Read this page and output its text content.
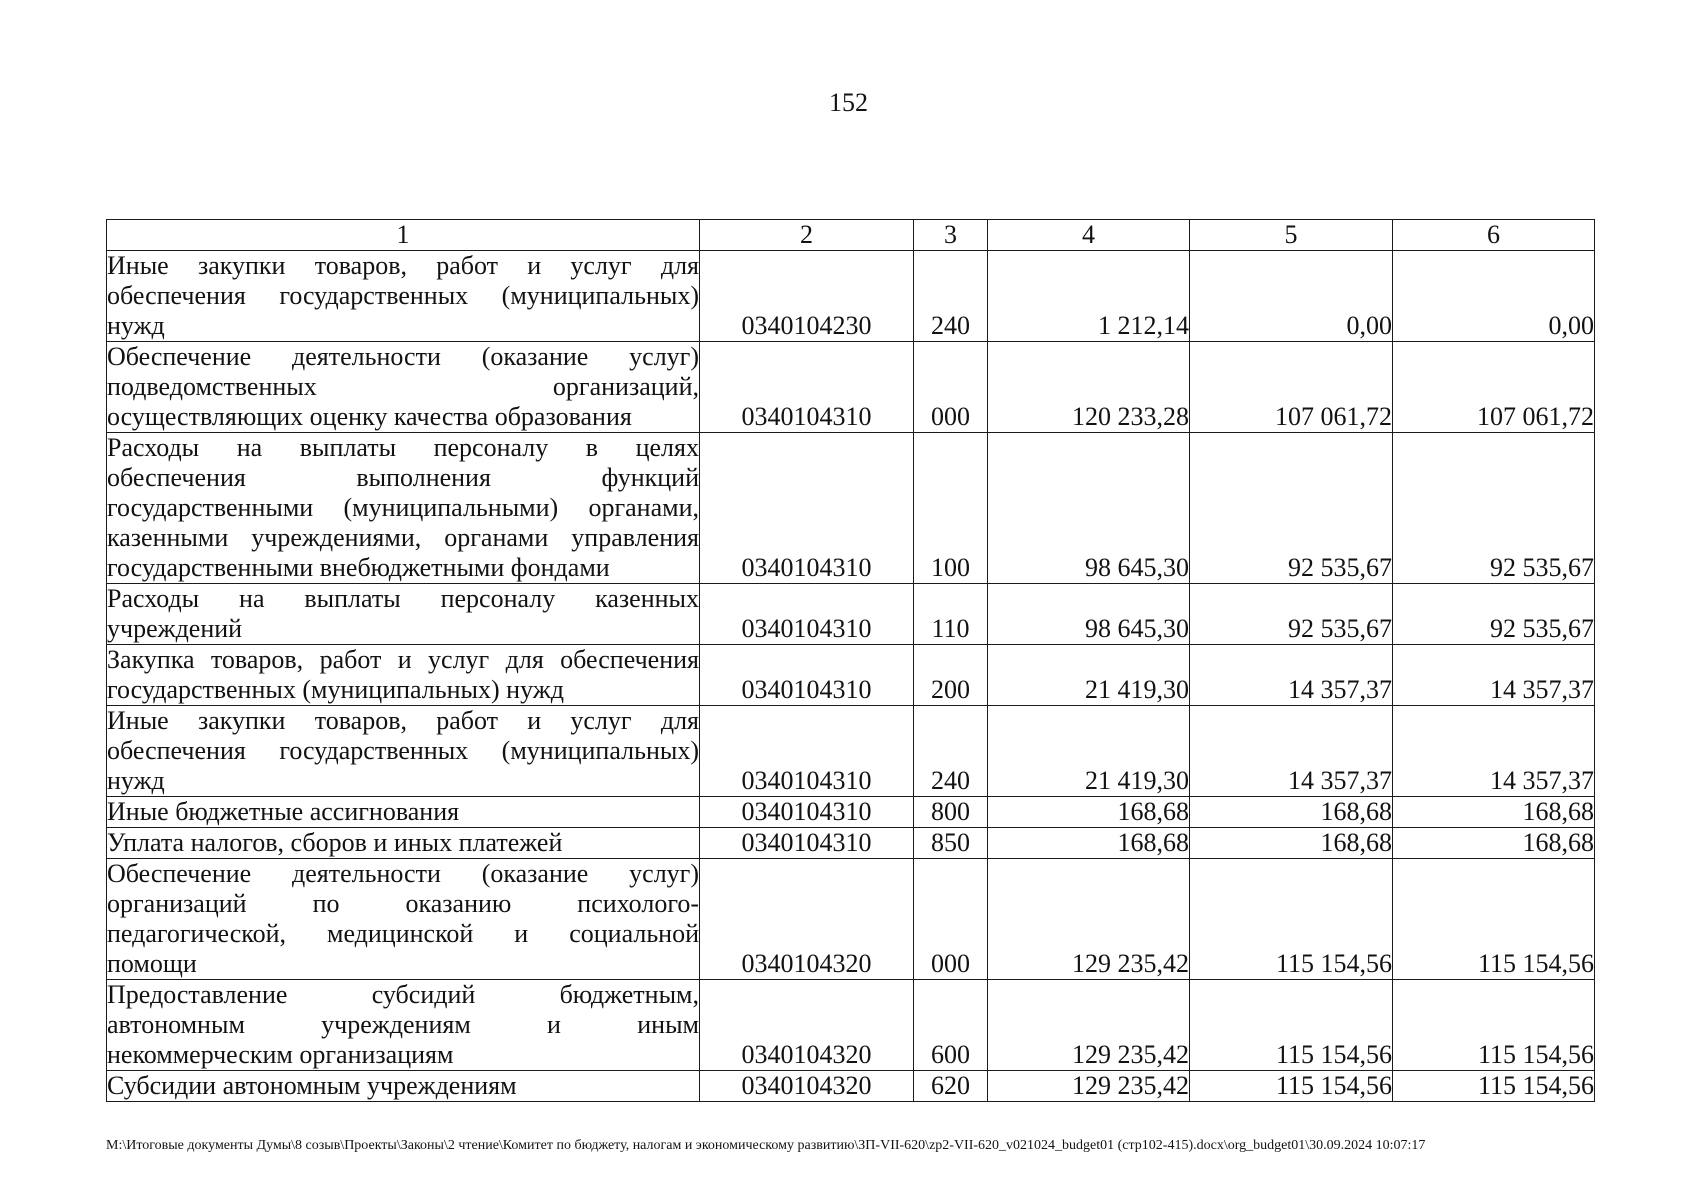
152
1	2	3	4	5	6

Иные закупки товаров, работ и услуг для
обеспечения государственных (муниципальных)
нужд	0340104230	240	1 212,14	0,00	0,00

Обеспечение деятельности (оказание услуг)
подведомственных организаций,
осуществляющих оценку качества образования	0340104310	000	120 233,28	107 061,72	107 061,72

Расходы на выплаты персоналу в целях
обеспечения выполнения функций
государственными (муниципальными) органами,
казенными учреждениями, органами управления
государственными внебюджетными фондами	0340104310	100	98 645,30	92 535,67	92 535,67

Расходы на выплаты персоналу казенных
учреждений	0340104310	110	98 645,30	92 535,67	92 535,67

Закупка товаров, работ и услуг для обеспечения
государственных (муниципальных) нужд	0340104310	200	21 419,30	14 357,37	14 357,37

Иные закупки товаров, работ и услуг для
обеспечения государственных (муниципальных)
нужд	0340104310	240	21 419,30	14 357,37	14 357,37

Иные бюджетные ассигнования	0340104310	800	168,68	168,68	168,68

Уплата налогов, сборов и иных платежей	0340104310	850	168,68	168,68	168,68

Обеспечение деятельности (оказание услуг)
организаций по оказанию психолого-
педагогической, медицинской и социальной
помощи	0340104320	000	129 235,42	115 154,56	115 154,56

Предоставление субсидий бюджетным,
автономным учреждениям и иным
некоммерческим организациям	0340104320	600	129 235,42	115 154,56	115 154,56

Субсидии автономным учреждениям	0340104320	620	129 235,42	115 154,56	115 154,56
M:\Итоговые документы Думы\8 созыв\Проекты\Законы\2 чтение\Комитет по бюджету, налогам и экономическому развитию\ЗП-VII-620\zp2-VII-620_v021024_budget01 (стр102-415).docx\org_budget01\30.09.2024 10:07:17
